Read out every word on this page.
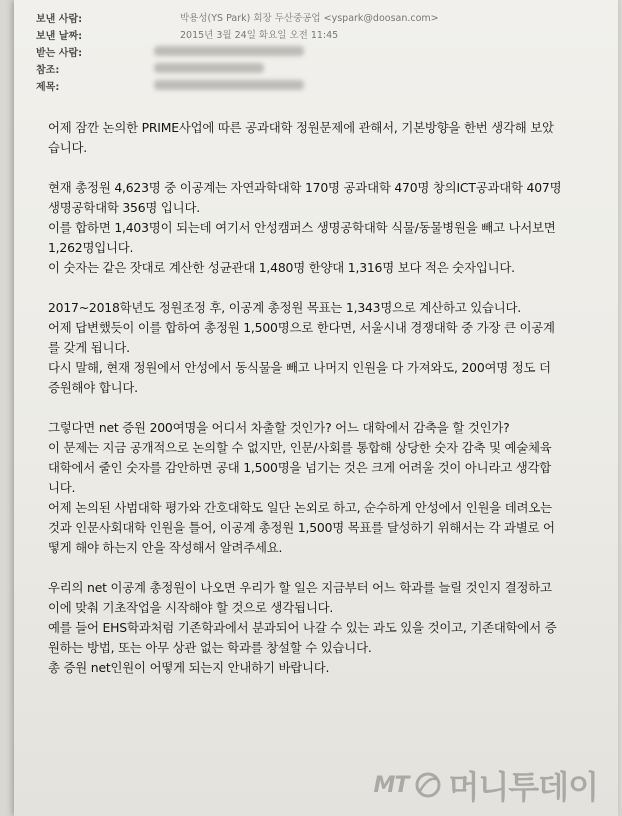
보낸 사람:	박용성(YS Park) 회장 두산중공업 <yspark@doosan.com>
보낸 날짜:	2015년 3월 24일 화요일 오전 11:45
받는 사람:
참조:
제목:
어제 잠깐 논의한 PRIME사업에 따른 공과대학 정원문제에 관해서, 기본방향을 한번 생각해 보았
습니다.
현재 총정원 4,623명 중 이공계는 자연과학대학 170명 공과대학 470명 창의ICT공과대학 407명
생명공학대학 356명 입니다.
이를 합하면 1,403명이 되는데 여기서 안성캠퍼스 생명공학대학 식물/동물병원을 빼고 나서보면
1,262명입니다.
이 숫자는 같은 잣대로 계산한 성균관대 1,480명 한양대 1,316명 보다 적은 숫자입니다.
2017~2018학년도 정원조정 후, 이공계 총정원 목표는 1,343명으로 계산하고 있습니다.
어제 답변했듯이 이를 합하여 총정원 1,500명으로 한다면, 서울시내 경쟁대학 중 가장 큰 이공계
를 갖게 됩니다.
다시 말해, 현재 정원에서 안성에서 동식물을 빼고 나머지 인원을 다 가져와도, 200여명 정도 더
증원해야 합니다.
그렇다면 net 증원 200여명을 어디서 차출할 것인가? 어느 대학에서 감축을 할 것인가?
이 문제는 지금 공개적으로 논의할 수 없지만, 인문/사회를 통합해 상당한 숫자 감축 및 예술체육
대학에서 줄인 숫자를 감안하면 공대 1,500명을 넘기는 것은 크게 어려울 것이 아니라고 생각합
니다.
어제 논의된 사범대학 평가와 간호대학도 일단 논외로 하고, 순수하게 안성에서 인원을 데려오는
것과 인문사회대학 인원을 틀어, 이공계 총정원 1,500명 목표를 달성하기 위해서는 각 과별로 어
떻게 해야 하는지 안을 작성해서 알려주세요.
우리의 net 이공계 총정원이 나오면 우리가 할 일은 지금부터 어느 학과를 늘릴 것인지 결정하고
이에 맞춰 기초작업을 시작해야 할 것으로 생각됩니다.
예를 들어 EHS학과처럼 기존학과에서 분과되어 나갈 수 있는 과도 있을 것이고, 기존대학에서 증
원하는 방법, 또는 아무 상관 없는 학과를 창설할 수 있습니다.
총 증원 net인원이 어떻게 되는지 안내하기 바랍니다.
MT 머니투데이
